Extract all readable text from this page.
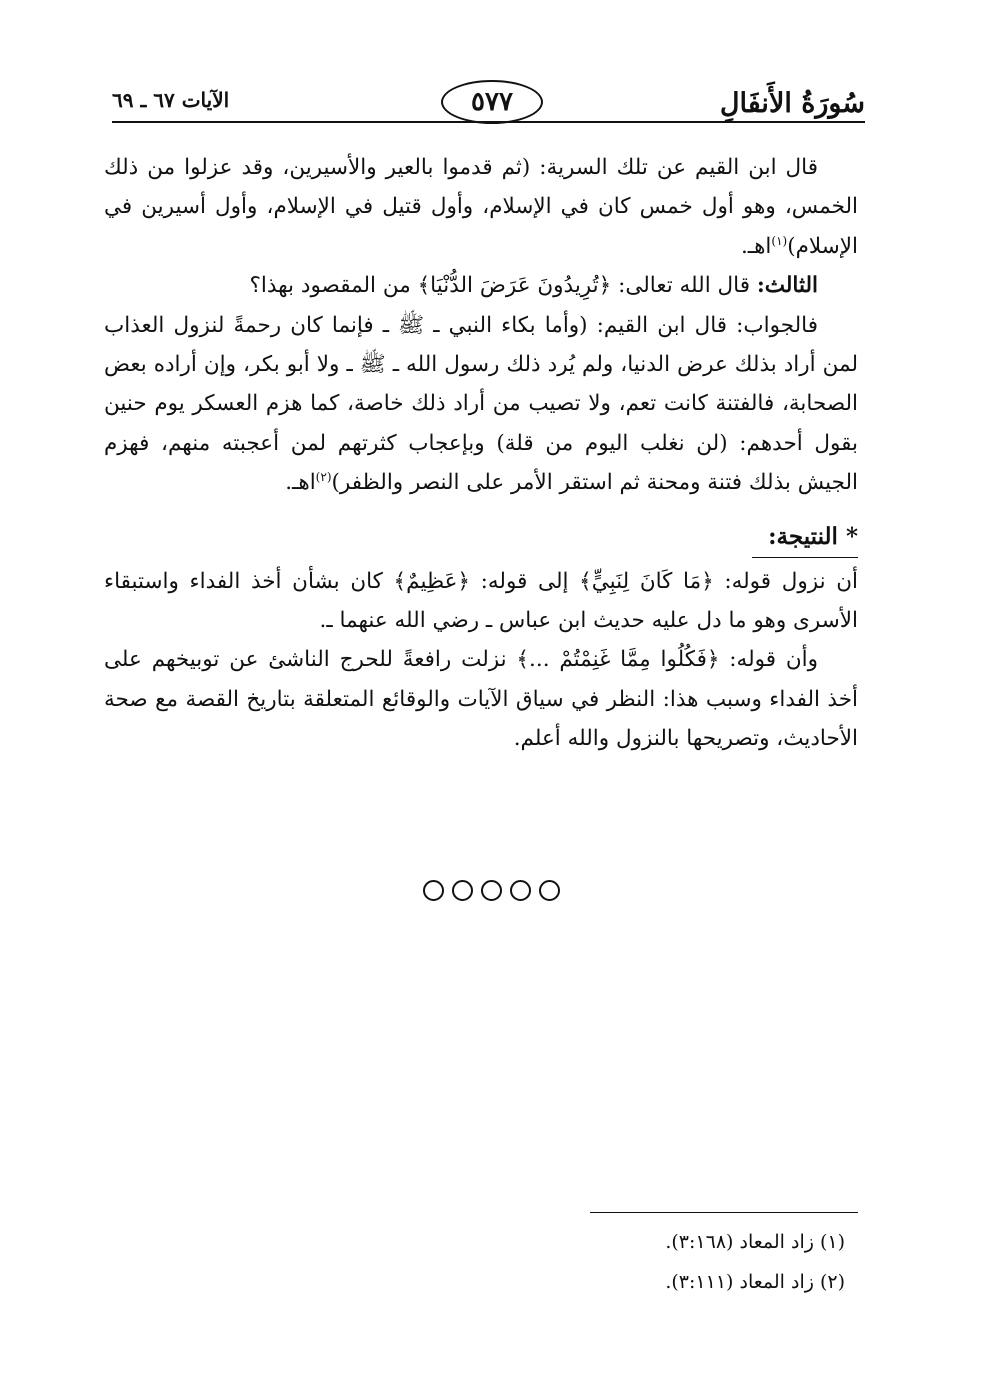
سُورَةُ الأَنفَالِ
٥٧٧
الآيات ٦٧ ـ ٦٩

قال ابن القيم عن تلك السرية: (ثم قدموا بالعير والأسيرين، وقد عزلوا من ذلك الخمس، وهو أول خمس كان في الإسلام، وأول قتيل في الإسلام، وأول أسيرين في الإسلام)$^{(١)}$اهـ.

الثالث: قال الله تعالى: ﴿تُرِيدُونَ عَرَضَ الدُّنْيَا﴾ من المقصود بهذا؟

فالجواب: قال ابن القيم: (وأما بكاء النبي ـ ﷺ ـ فإنما كان رحمةً لنزول العذاب لمن أراد بذلك عرض الدنيا، ولم يُرد ذلك رسول الله ـ ﷺ ـ ولا أبو بكر، وإن أراده بعض الصحابة، فالفتنة كانت تعم، ولا تصيب من أراد ذلك خاصة، كما هزم العسكر يوم حنين بقول أحدهم: (لن نغلب اليوم من قلة) وبإعجاب كثرتهم لمن أعجبته منهم، فهزم الجيش بذلك فتنة ومحنة ثم استقر الأمر على النصر والظفر)$^{(٢)}$اهـ.

* النتيجة:

أن نزول قوله: ﴿مَا كَانَ لِنَبِيٍّ﴾ إلى قوله: ﴿عَظِيمٌ﴾ كان بشأن أخذ الفداء واستبقاء الأسرى وهو ما دل عليه حديث ابن عباس ـ رضي الله عنهما ـ.

وأن قوله: ﴿فَكُلُوا مِمَّا غَنِمْتُمْ ...﴾ نزلت رافعةً للحرج الناشئ عن توبيخهم على أخذ الفداء وسبب هذا: النظر في سياق الآيات والوقائع المتعلقة بتاريخ القصة مع صحة الأحاديث، وتصريحها بالنزول والله أعلم.

(١) زاد المعاد (٣:١٦٨).
(٢) زاد المعاد (٣:١١١).
